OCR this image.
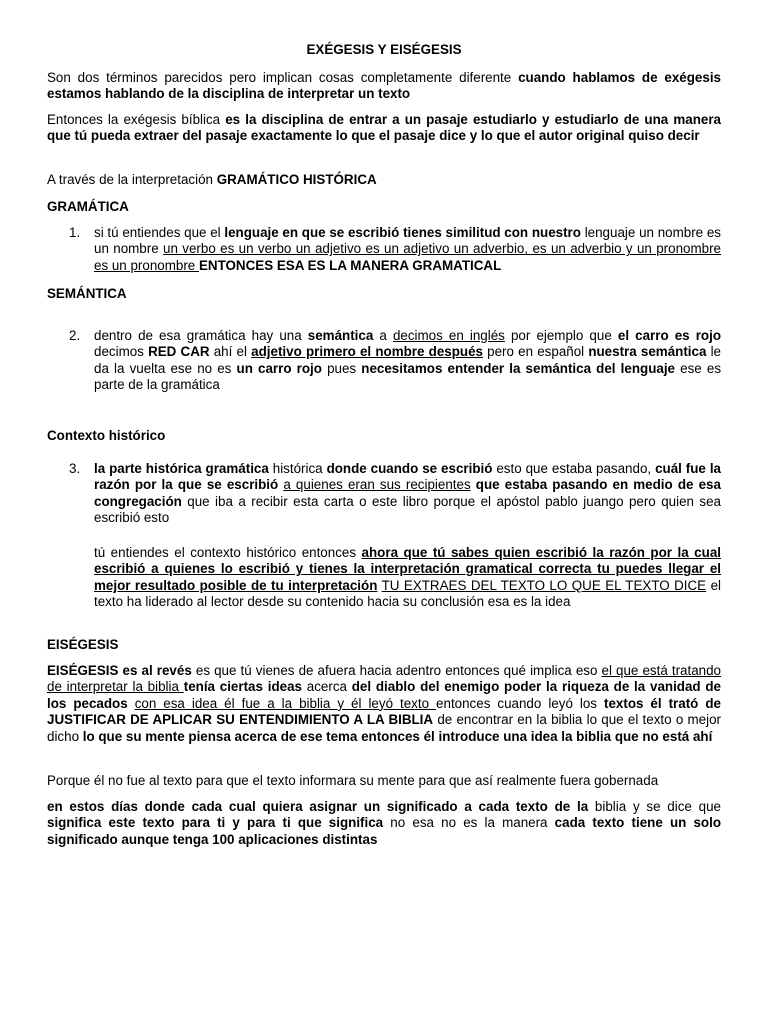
EXÉGESIS Y EISÉGESIS

Son dos términos parecidos pero implican cosas completamente diferente cuando hablamos de exégesis estamos hablando de la disciplina de interpretar un texto

Entonces la exégesis bíblica es la disciplina de entrar a un pasaje estudiarlo y estudiarlo de una manera que tú pueda extraer del pasaje exactamente lo que el pasaje dice y lo que el autor original quiso decir

A través de la interpretación GRAMÁTICO HISTÓRICA

GRAMÁTICA

1. si tú entiendes que el lenguaje en que se escribió tienes similitud con nuestro lenguaje un nombre es un nombre un verbo es un verbo un adjetivo es un adjetivo un adverbio, es un adverbio y un pronombre es un pronombre ENTONCES ESA ES LA MANERA GRAMATICAL

SEMÁNTICA

2. dentro de esa gramática hay una semántica a decimos en inglés por ejemplo que el carro es rojo decimos RED CAR ahí el adjetivo primero el nombre después pero en español nuestra semántica le da la vuelta ese no es un carro rojo pues necesitamos entender la semántica del lenguaje ese es parte de la gramática

Contexto histórico

3. la parte histórica gramática histórica donde cuando se escribió esto que estaba pasando, cuál fue la razón por la que se escribió a quienes eran sus recipientes que estaba pasando en medio de esa congregación que iba a recibir esta carta o este libro porque el apóstol pablo juango pero quien sea escribió esto

tú entiendes el contexto histórico entonces ahora que tú sabes quien escribió la razón por la cual escribió a quienes lo escribió y tienes la interpretación gramatical correcta tu puedes llegar el mejor resultado posible de tu interpretación TU EXTRAES DEL TEXTO LO QUE EL TEXTO DICE el texto ha liderado al lector desde su contenido hacia su conclusión esa es la idea

EISÉGESIS

EISÉGESIS es al revés es que tú vienes de afuera hacia adentro entonces qué implica eso el que está tratando de interpretar la biblia tenía ciertas ideas acerca del diablo del enemigo poder la riqueza de la vanidad de los pecados con esa idea él fue a la biblia y él leyó texto entonces cuando leyó los textos él trató de JUSTIFICAR DE APLICAR SU ENTENDIMIENTO A LA BIBLIA de encontrar en la biblia lo que el texto o mejor dicho lo que su mente piensa acerca de ese tema entonces él introduce una idea la biblia que no está ahí

Porque él no fue al texto para que el texto informara su mente para que así realmente fuera gobernada

en estos días donde cada cual quiera asignar un significado a cada texto de la biblia y se dice que significa este texto para ti y para ti que significa no esa no es la manera cada texto tiene un solo significado aunque tenga 100 aplicaciones distintas
